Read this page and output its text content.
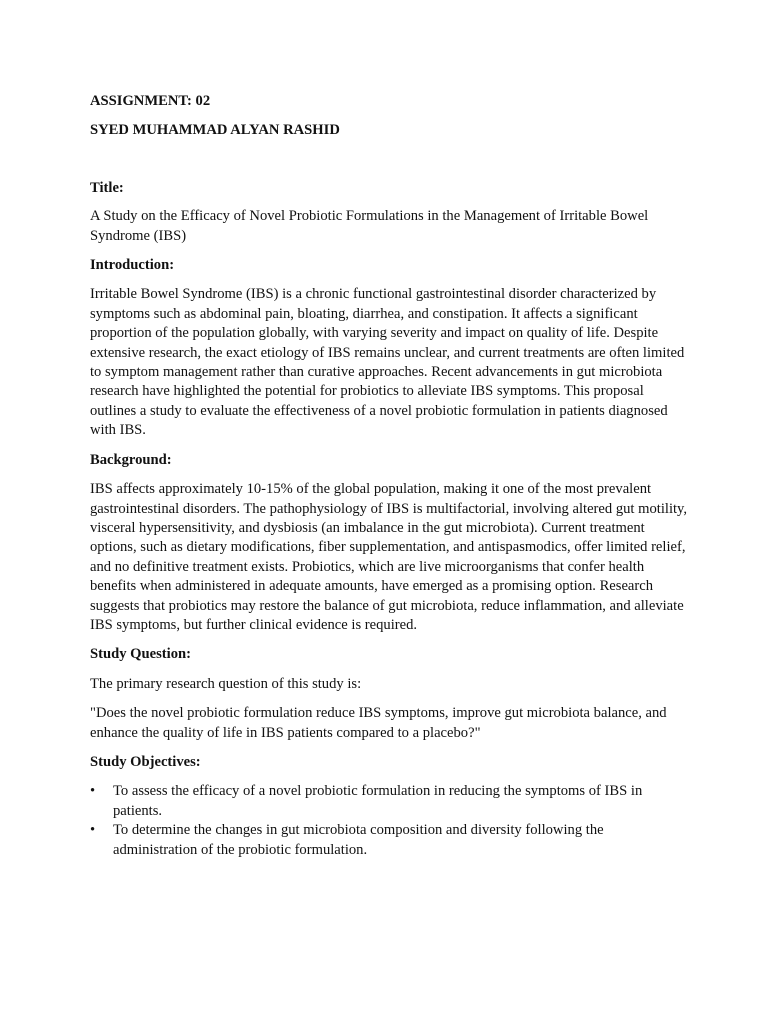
ASSIGNMENT: 02

SYED MUHAMMAD ALYAN RASHID

Title:

A Study on the Efficacy of Novel Probiotic Formulations in the Management of Irritable Bowel Syndrome (IBS)

Introduction:

Irritable Bowel Syndrome (IBS) is a chronic functional gastrointestinal disorder characterized by symptoms such as abdominal pain, bloating, diarrhea, and constipation. It affects a significant proportion of the population globally, with varying severity and impact on quality of life. Despite extensive research, the exact etiology of IBS remains unclear, and current treatments are often limited to symptom management rather than curative approaches. Recent advancements in gut microbiota research have highlighted the potential for probiotics to alleviate IBS symptoms. This proposal outlines a study to evaluate the effectiveness of a novel probiotic formulation in patients diagnosed with IBS.

Background:

IBS affects approximately 10-15% of the global population, making it one of the most prevalent gastrointestinal disorders. The pathophysiology of IBS is multifactorial, involving altered gut motility, visceral hypersensitivity, and dysbiosis (an imbalance in the gut microbiota). Current treatment options, such as dietary modifications, fiber supplementation, and antispasmodics, offer limited relief, and no definitive treatment exists. Probiotics, which are live microorganisms that confer health benefits when administered in adequate amounts, have emerged as a promising option. Research suggests that probiotics may restore the balance of gut microbiota, reduce inflammation, and alleviate IBS symptoms, but further clinical evidence is required.

Study Question:

The primary research question of this study is:

"Does the novel probiotic formulation reduce IBS symptoms, improve gut microbiota balance, and enhance the quality of life in IBS patients compared to a placebo?"

Study Objectives:

• To assess the efficacy of a novel probiotic formulation in reducing the symptoms of IBS in patients.
• To determine the changes in gut microbiota composition and diversity following the administration of the probiotic formulation.
